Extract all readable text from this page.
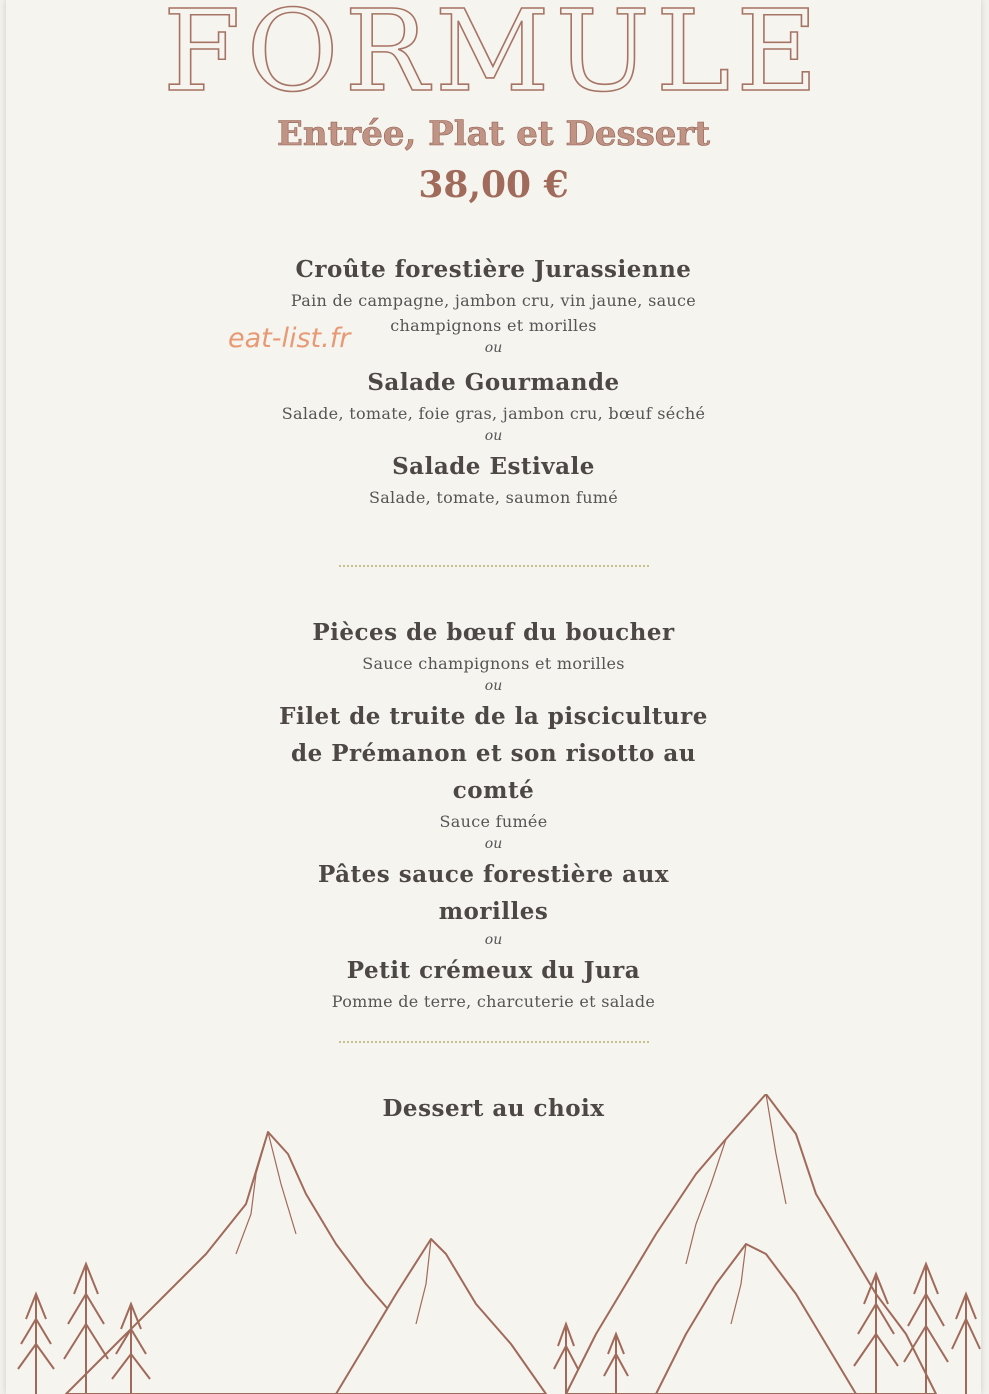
FORMULE
Entrée, Plat et Dessert
38,00 €
eat-list.fr
Croûte forestière Jurassienne
Pain de campagne, jambon cru, vin jaune, sauce
champignons et morilles
ou
Salade Gourmande
Salade, tomate, foie gras, jambon cru, bœuf séché
ou
Salade Estivale
Salade, tomate, saumon fumé
Pièces de bœuf du boucher
Sauce champignons et morilles
ou
Filet de truite de la pisciculture
de Prémanon et son risotto au
comté
Sauce fumée
ou
Pâtes sauce forestière aux
morilles
ou
Petit crémeux du Jura
Pomme de terre, charcuterie et salade
Dessert au choix
